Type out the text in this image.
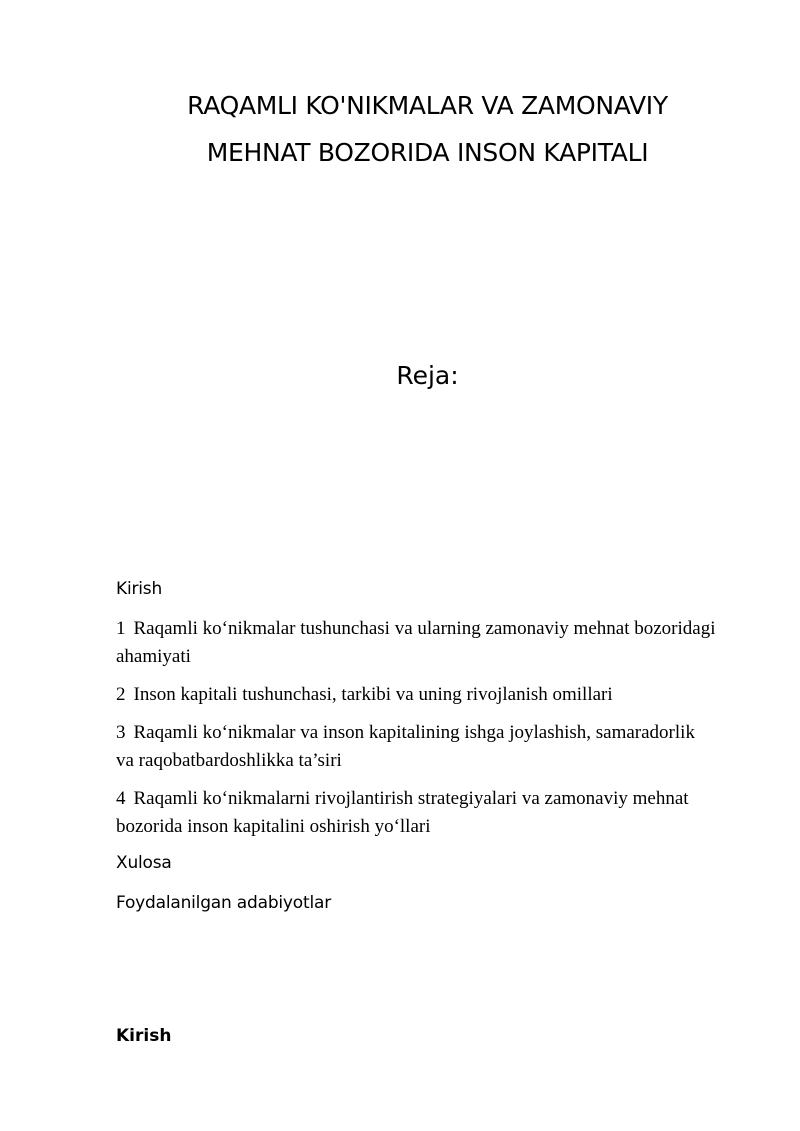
RAQAMLI KO'NIKMALAR VA ZAMONAVIY
MEHNAT BOZORIDA INSON KAPITALI
Reja:
Kirish
1 Raqamli ko‘nikmalar tushunchasi va ularning zamonaviy mehnat bozoridagi ahamiyati
2 Inson kapitali tushunchasi, tarkibi va uning rivojlanish omillari
3 Raqamli ko‘nikmalar va inson kapitalining ishga joylashish, samaradorlik va raqobatbardoshlikka ta’siri
4 Raqamli ko‘nikmalarni rivojlantirish strategiyalari va zamonaviy mehnat bozorida inson kapitalini oshirish yo‘llari
Xulosa
Foydalanilgan adabiyotlar
Kirish
